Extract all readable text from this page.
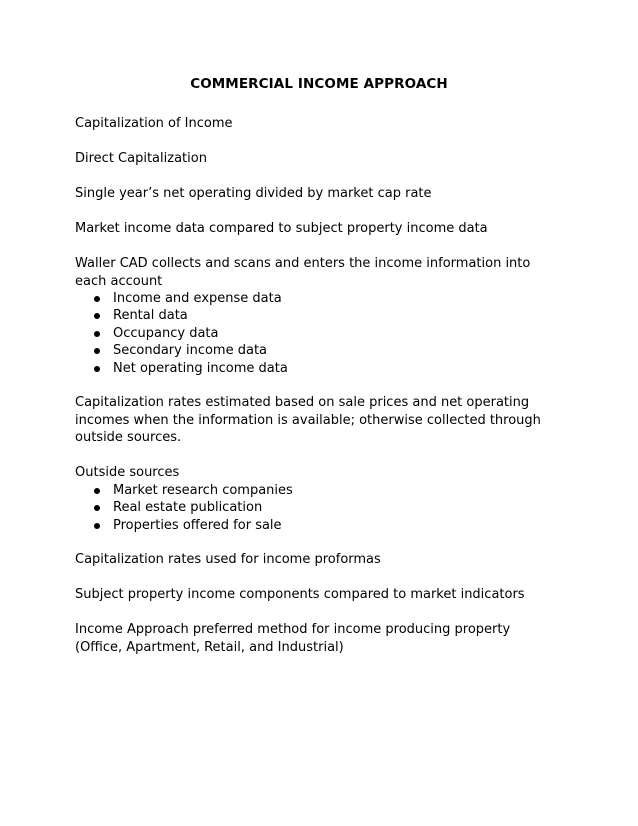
COMMERCIAL INCOME APPROACH

Capitalization of Income

Direct Capitalization

Single year’s net operating divided by market cap rate

Market income data compared to subject property income data

Waller CAD collects and scans and enters the income information into each account

Income and expense data
Rental data
Occupancy data
Secondary income data
Net operating income data

Capitalization rates estimated based on sale prices and net operating incomes when the information is available; otherwise collected through outside sources.

Outside sources

Market research companies
Real estate publication
Properties offered for sale

Capitalization rates used for income proformas

Subject property income components compared to market indicators

Income Approach preferred method for income producing property (Office, Apartment, Retail, and Industrial)
